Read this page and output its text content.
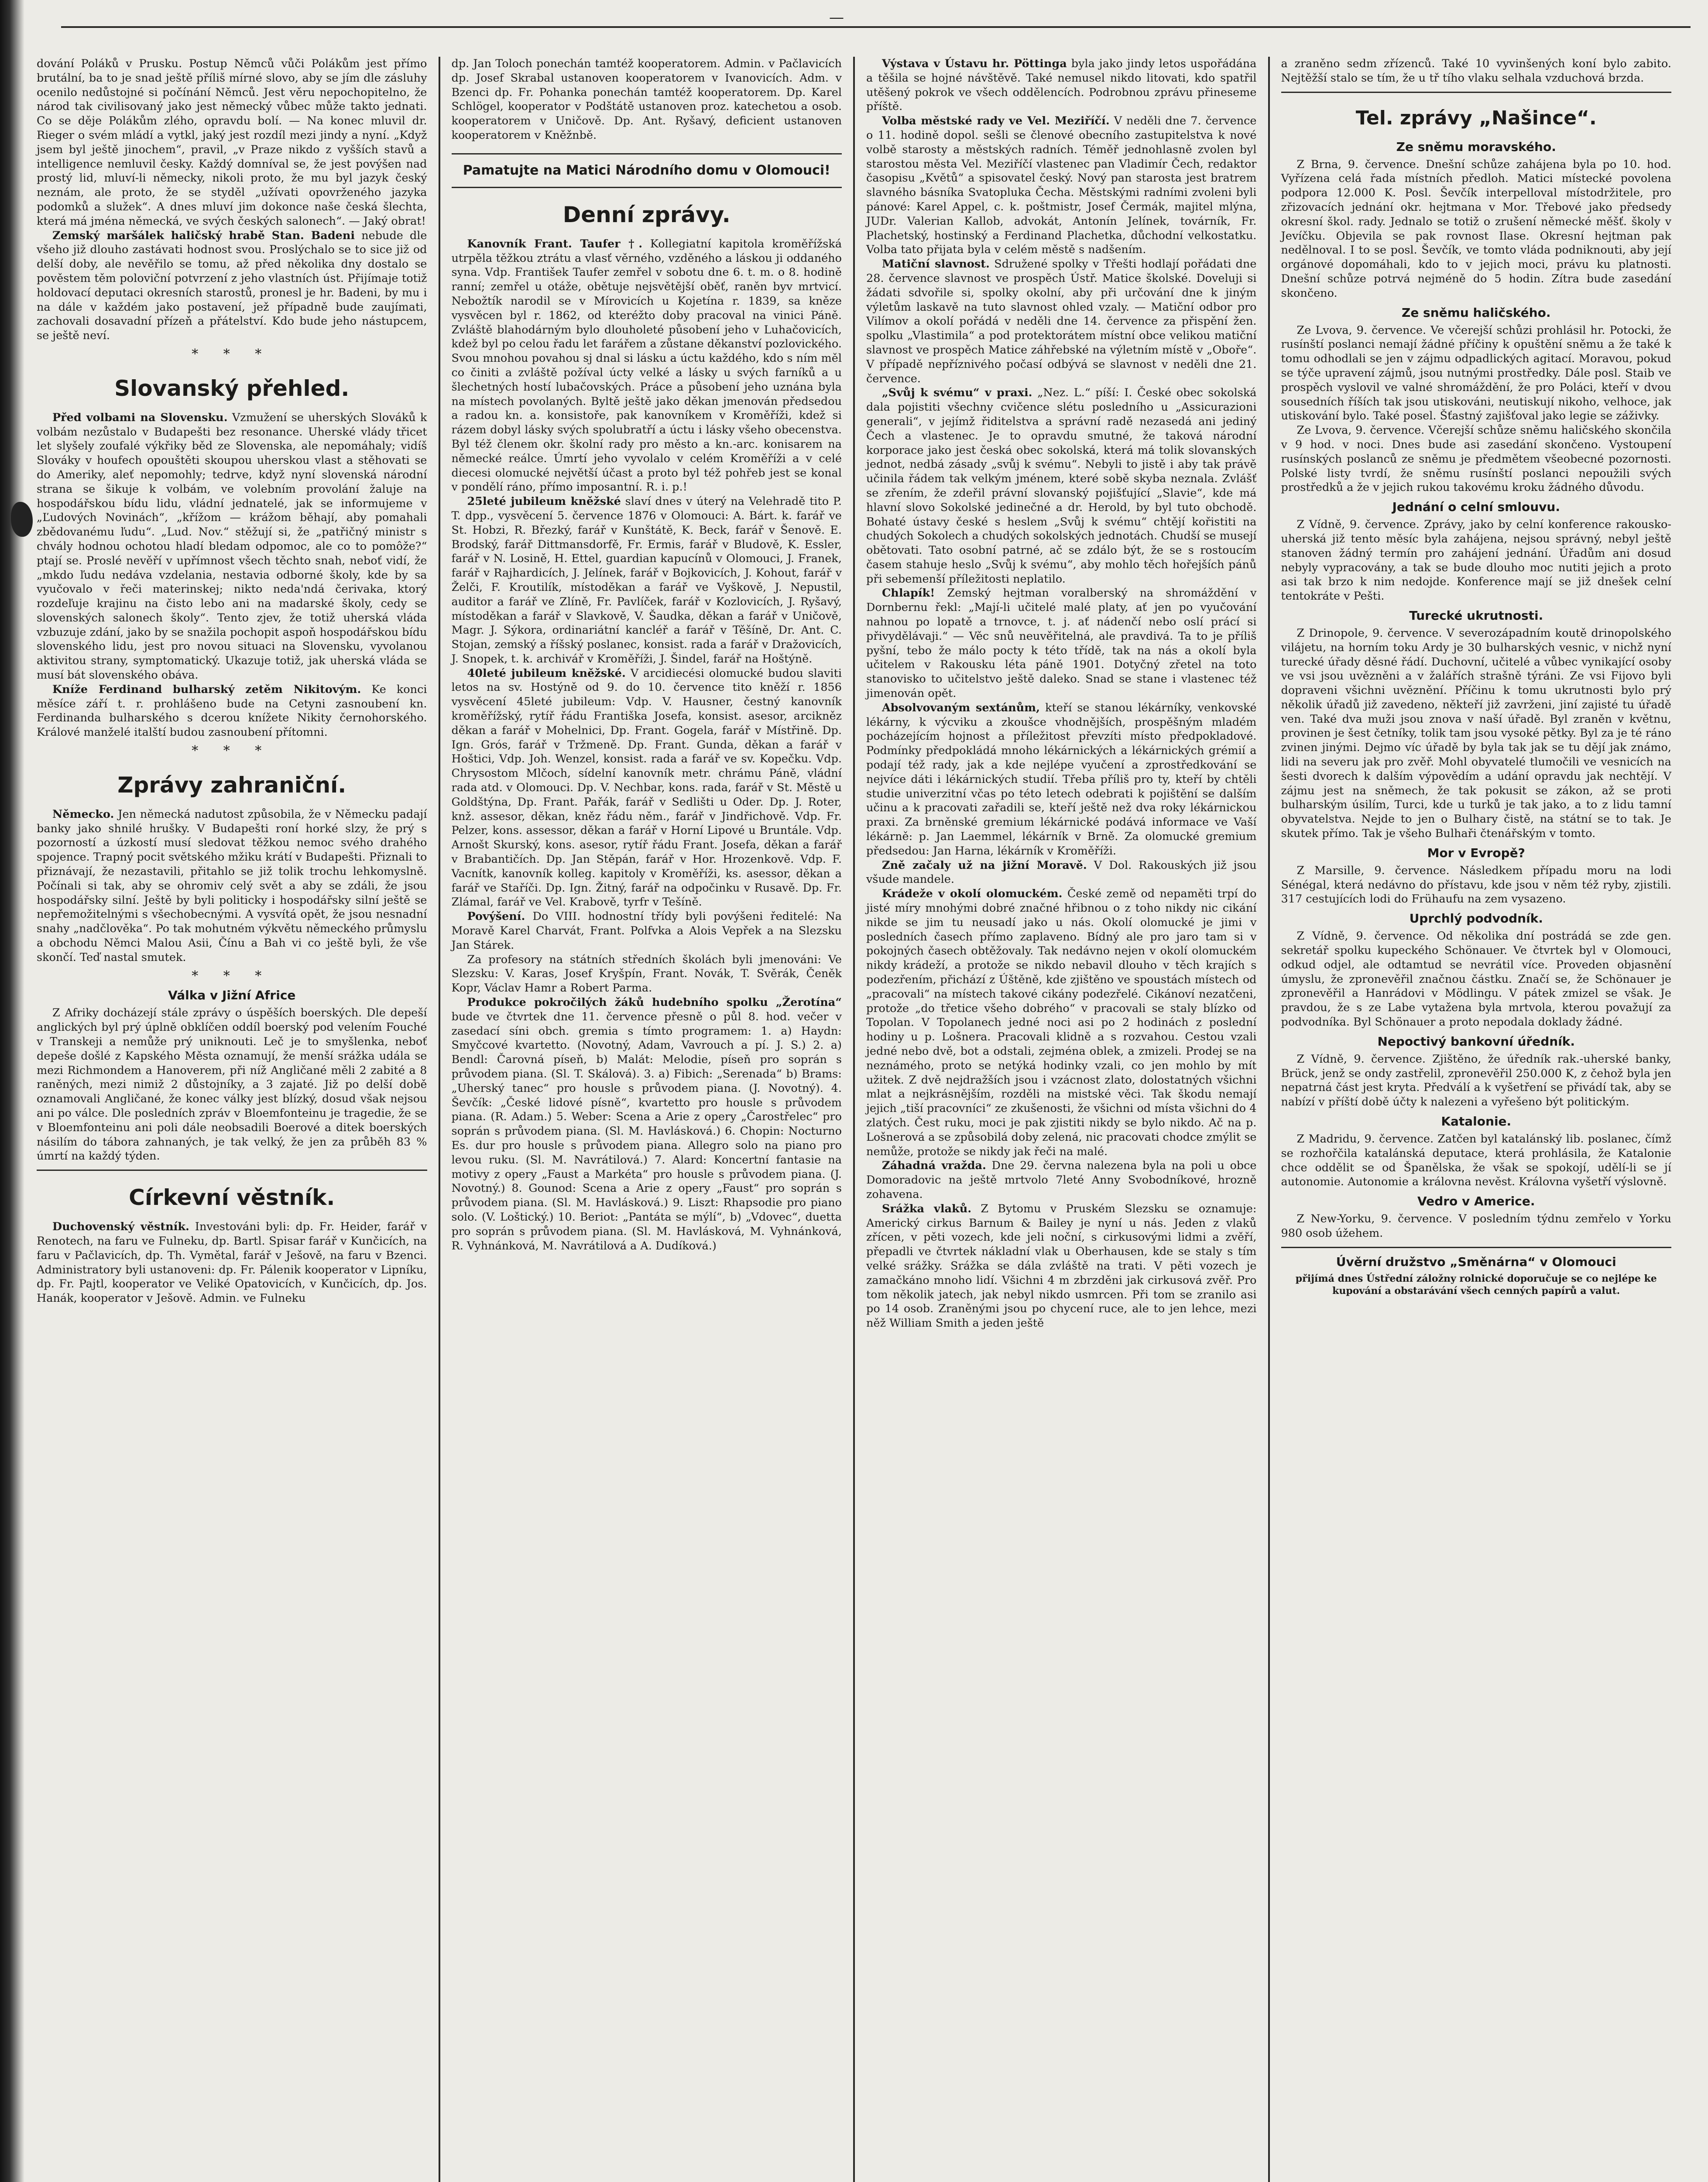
—

dování Poláků v Prusku. Postup Němců vůči Polákům jest přímo brutální, ba to je snad ještě příliš mírné slovo, aby se jím dle zásluhy ocenilo nedůstojné si počínání Němců. Jest věru nepochopitelno, že národ tak civilisovaný jako jest německý vůbec může takto jednati. Co se děje Polákům zlého, opravdu bolí. — Na konec mluvil dr. Rieger o svém mládí a vytkl, jaký jest rozdíl mezi jindy a nyní. „Když jsem byl ještě jinochem“, pravil, „v Praze nikdo z vyšších stavů a intelligence nemluvil česky. Každý domníval se, že jest povýšen nad prostý lid, mluví-li německy, nikoli proto, že mu byl jazyk český neznám, ale proto, že se styděl „užívati opovrženého jazyka podomků a služek“. A dnes mluví jim dokonce naše česká šlechta, která má jména německá, ve svých českých salonech“. — Jaký obrat!

Zemský maršálek haličský hrabě Stan. Badeni nebude dle všeho již dlouho zastávati hodnost svou. Proslýchalo se to sice již od delší doby, ale nevěřilo se tomu, až před několika dny dostalo se pověstem těm poloviční potvrzení z jeho vlastních úst. Přijímaje totiž holdovací deputaci okresních starostů, pronesl je hr. Badeni, by mu i na dále v každém jako postavení, jež případně bude zaujímati, zachovali dosavadní přízeň a přátelství. Kdo bude jeho nástupcem, se ještě neví.

* * *
Slovanský přehled.

Před volbami na Slovensku. Vzmužení se uherských Slováků k volbám nezůstalo v Budapešti bez resonance. Uherské vlády třicet let slyšely zoufalé výkřiky běd ze Slovenska, ale nepomáhaly; vidíš Slováky v houfech opouštěti skoupou uherskou vlast a stěhovati se do Ameriky, aleť nepomohly; tedrve, když nyní slovenská národní strana se šikuje k volbám, ve volebním provolání žaluje na hospodářskou bídu lidu, vládní jednatelé, jak se informujeme v „Ľudových Novinách“, „křížom — krážom běhají, aby pomahali zbědovanému ľudu“. „Lud. Nov.“ stěžují si, že „patřičný ministr s chvály hodnou ochotou hladí bledam odpomoc, ale co to pomôže?“ ptají se. Proslé nevěří v upřímnost všech těchto snah, neboť vidí, že „mkdo ľudu nedáva vzdelania, nestavia odborné školy, kde by sa vyučovalo v řeči materinskej; nikto neda'ndá čerivaka, ktorý rozdeľuje krajinu na čisto lebo ani na madarské školy, cedy se slovenských salonech školy“. Tento zjev, že totiž uherská vláda vzbuzuje zdání, jako by se snažila pochopit aspoň hospodářskou bídu slovenského lidu, jest pro novou situaci na Slovensku, vyvolanou aktivitou strany, symptomatický. Ukazuje totiž, jak uherská vláda se musí bát slovenského obáva.

Kníže Ferdinand bulharský zetěm Nikitovým. Ke konci měsíce září t. r. prohlášeno bude na Cetyni zasnoubení kn. Ferdinanda bulharského s dcerou knížete Nikity černohorského. Králové manželé italští budou zasnoubení přítomni.

* * *
Zprávy zahraniční.

Německo. Jen německá nadutost způsobila, že v Německu padají banky jako shnilé hrušky. V Budapešti roní horké slzy, že prý s pozorností a úzkostí musí sledovat těžkou nemoc svého drahého spojence. Trapný pocit světského mžiku krátí v Budapešti. Přiznali to přiznávají, že nezastavili, přitahlo se již tolik trochu lehkomyslně. Počínali si tak, aby se ohromiv celý svět a aby se zdáli, že jsou hospodářsky silní. Ještě by byli politicky i hospodářsky silní ještě se nepřemožitelnými s všechobecnými. A vysvítá opět, že jsou nesnadní snahy „nadčlověka“. Po tak mohutném výkvětu německého průmyslu a obchodu Němci Malou Asii, Čínu a Bah vi co ještě byli, že vše skončí. Teď nastal smutek.

* * *
Válka v Jižní Africe

Z Afriky docházejí stále zprávy o úspěších boerských. Dle depeší anglických byl prý úplně obklíčen oddíl boerský pod velením Fouché v Transkeji a nemůže prý uniknouti. Leč je to smyšlenka, neboť depeše došlé z Kapského Města oznamují, že menší srážka udála se mezi Richmondem a Hanoverem, při níž Angličané měli 2 zabité a 8 raněných, mezi nimiž 2 důstojníky, a 3 zajaté. Již po delší době oznamovali Angličané, že konec války jest blízký, dosud však nejsou ani po válce. Dle posledních zpráv v Bloemfonteinu je tragedie, že se v Bloemfonteinu ani poli dále neobsadili Boerové a ditek boerských násilím do tábora zahnaných, je tak velký, že jen za průběh 83 % úmrtí na každý týden.

Církevní věstník.

Duchovenský věstník. Investováni byli: dp. Fr. Heider, farář v Renotech, na faru ve Fulneku, dp. Bartl. Spisar farář v Kunčicích, na faru v Pačlavicích, dp. Th. Vymětal, farář v Ješově, na faru v Bzenci. Administratory byli ustanoveni: dp. Fr. Pálenik kooperator v Lipníku, dp. Fr. Pajtl, kooperator ve Veliké Opatovicích, v Kunčicích, dp. Jos. Hanák, kooperator v Ješově. Admin. ve Fulneku

dp. Jan Toloch ponechán tamtéž kooperatorem. Admin. v Pačlavicích dp. Josef Skrabal ustanoven kooperatorem v Ivanovicích. Adm. v Bzenci dp. Fr. Pohanka ponechán tamtéž kooperatorem. Dp. Karel Schlögel, kooperator v Podštátě ustanoven proz. katechetou a osob. kooperatorem v Uničově. Dp. Ant. Ryšavý, deficient ustanoven kooperatorem v Kněžnbě.

Pamatujte na Matici Národního domu v Olomouci!
Denní zprávy.

Kanovník Frant. Taufer †. Kollegiatní kapitola kroměřížská utrpěla těžkou ztrátu a vlasť věrného, vzděného a láskou ji oddaného syna. Vdp. František Taufer zemřel v sobotu dne 6. t. m. o 8. hodině ranní; zemřel u otáže, obětuje nejsvětější oběť, raněn byv mrtvicí. Nebožtík narodil se v Mírovicích u Kojetína r. 1839, sa kněze vysvěcen byl r. 1862, od kteréžto doby pracoval na vinici Páně. Zvláště blahodárným bylo dlouholeté působení jeho v Luhačovicích, kdež byl po celou řadu let farářem a zůstane děkanství pozlovického. Svou mnohou povahou sj dnal si lásku a úctu každého, kdo s ním měl co činiti a zvláště požíval úcty velké a lásky u svých farníků a u šlechetných hostí lubačovských. Práce a působení jeho uznána byla na místech povolaných. Byltě ještě jako děkan jmenován předsedou a radou kn. a. konsistoře, pak kanovníkem v Kroměříži, kdež si rázem dobyl lásky svých spolubratří a úctu i lásky všeho obecenstva. Byl též členem okr. školní rady pro město a kn.-arc. konisarem na německé reálce. Úmrtí jeho vyvolalo v celém Kroměříži a v celé diecesi olomucké největší účast a proto byl též pohřeb jest se konal v pondělí ráno, přímo imposantní. R. i. p.!

25leté jubileum kněžské slaví dnes v úterý na Velehradě tito P. T. dpp., vysvěcení 5. července 1876 v Olomouci: A. Bárt. k. farář ve St. Hobzi, R. Březký, farář v Kunštátě, K. Beck, farář v Šenově. E. Brodský, farář Dittmansdorfě, Fr. Ermis, farář v Bludově, K. Essler, farář v N. Losině, H. Ettel, guardian kapucínů v Olomouci, J. Franek, farář v Rajhardicích, J. Jelínek, farář v Bojkovicích, J. Kohout, farář v Želči, F. Kroutilík, místoděkan a farář ve Vyškově, J. Nepustil, auditor a farář ve Zlíně, Fr. Pavlíček, farář v Kozlovicích, J. Ryšavý, místoděkan a farář v Slavkově, V. Šaudka, děkan a farář v Uničově, Magr. J. Sýkora, ordinariátní kancléř a farář v Těšíně, Dr. Ant. C. Stojan, zemský a říšský poslanec, konsist. rada a farář v Dražovicích, J. Snopek, t. k. archivář v Kroměříži, J. Šindel, farář na Hoštýně.

40leté jubileum kněžské. V arcidiecési olomucké budou slaviti letos na sv. Hostýně od 9. do 10. července tito kněží r. 1856 vysvěcení 45leté jubileum: Vdp. V. Hausner, čestný kanovník kroměřížský, rytíř řádu Františka Josefa, konsist. asesor, arcikněz děkan a farář v Mohelnici, Dp. Frant. Gogela, farář v Místřině. Dp. Ign. Grós, farář v Tržmeně. Dp. Frant. Gunda, děkan a farář v Hoštici, Vdp. Joh. Wenzel, konsist. rada a farář ve sv. Kopečku. Vdp. Chrysostom Mlčoch, sídelní kanovník metr. chrámu Páně, vládní rada atd. v Olomouci. Dp. V. Nechbar, kons. rada, farář v St. Městě u Goldštýna, Dp. Frant. Pařák, farář v Sedlišti u Oder. Dp. J. Roter, knž. assesor, děkan, kněz řádu něm., farář v Jindřichově. Vdp. Fr. Pelzer, kons. assessor, děkan a farář v Horní Lipové u Bruntále. Vdp. Arnošt Skurský, kons. asesor, rytíř řádu Frant. Josefa, děkan a farář v Brabantičích. Dp. Jan Stěpán, farář v Hor. Hrozenkově. Vdp. F. Vacnítk, kanovník kolleg. kapitoly v Kroměříži, ks. asessor, děkan a farář ve Staříči. Dp. Ign. Žitný, farář na odpočinku v Rusavě. Dp. Fr. Zlámal, farář ve Vel. Krabově, tyrfr v Tešíně.

Povýšení. Do VIII. hodnostní třídy byli povýšeni ředitelé: Na Moravě Karel Charvát, Frant. Polfvka a Alois Vepřek a na Slezsku Jan Stárek.

Za profesory na státních středních školách byli jmenováni: Ve Slezsku: V. Karas, Josef Kryšpín, Frant. Novák, T. Svěrák, Čeněk Kopr, Václav Hamr a Robert Parma.

Produkce pokročilých žáků hudebního spolku „Žerotína“ bude ve čtvrtek dne 11. července přesně o půl 8. hod. večer v zasedací síni obch. gremia s tímto programem: 1. a) Haydn: Smyčcové kvartetto. (Novotný, Adam, Vavrouch a pí. J. S.) 2. a) Bendl: Čarovná píseň, b) Malát: Melodie, píseň pro soprán s průvodem piana. (Sl. T. Skálová). 3. a) Fibich: „Serenada“ b) Brams: „Uherský tanec“ pro housle s průvodem piana. (J. Novotný). 4. Ševčík: „České lidové písně“, kvartetto pro housle s průvodem piana. (R. Adam.) 5. Weber: Scena a Arie z opery „Čarostřelec“ pro soprán s průvodem piana. (Sl. M. Havlásková.) 6. Chopin: Nocturno Es. dur pro housle s průvodem piana. Allegro solo na piano pro levou ruku. (Sl. M. Navrátilová.) 7. Alard: Koncertní fantasie na motivy z opery „Faust a Markéta“ pro housle s průvodem piana. (J. Novotný.) 8. Gounod: Scena a Arie z opery „Faust“ pro soprán s průvodem piana. (Sl. M. Havlásková.) 9. Liszt: Rhapsodie pro piano solo. (V. Loštický.) 10. Beriot: „Pantáta se mýlí“, b) „Vdovec“, duetta pro soprán s průvodem piana. (Sl. M. Havlásková, M. Vyhnánková, R. Vyhnánková, M. Navrátilová a A. Dudíková.)

Výstava v Ústavu hr. Pöttinga byla jako jindy letos uspořádána a těšila se hojné návštěvě. Také nemusel nikdo litovati, kdo spatřil utěšený pokrok ve všech oddělencích. Podrobnou zprávu přineseme příště.

Volba městské rady ve Vel. Meziříčí. V neděli dne 7. července o 11. hodině dopol. sešli se členové obecního zastupitelstva k nové volbě starosty a městských radních. Téměř jednohlasně zvolen byl starostou města Vel. Meziříčí vlastenec pan Vladimír Čech, redaktor časopisu „Květů“ a spisovatel český. Nový pan starosta jest bratrem slavného básníka Svatopluka Čecha. Městskými radními zvoleni byli pánové: Karel Appel, c. k. poštmistr, Josef Čermák, majitel mlýna, JUDr. Valerian Kallob, advokát, Antonín Jelínek, továrník, Fr. Plachetský, hostinský a Ferdinand Plachetka, důchodní velkostatku. Volba tato přijata byla v celém městě s nadšením.

Matiční slavnost. Sdružené spolky v Třešti hodlají pořádati dne 28. července slavnost ve prospěch Ústř. Matice školské. Doveluji si žádati sdvořile si, spolky okolní, aby při určování dne k jiným výletům laskavě na tuto slavnost ohled vzaly. — Matiční odbor pro Vilímov a okolí pořádá v neděli dne 14. července za přispění žen. spolku „Vlastimila“ a pod protektorátem místní obce velikou matiční slavnost ve prospěch Matice záhřebské na výletním místě v „Oboře“. V případě nepříznivého počasí odbývá se slavnost v neděli dne 21. července.

„Svůj k svému“ v praxi. „Nez. L.“ píší: I. České obec sokolská dala pojistiti všechny cvičence slétu posledního u „Assicurazioni generali“, v jejímž řiditelstva a správní radě nezasedá ani jediný Čech a vlastenec. Je to opravdu smutné, že taková národní korporace jako jest česká obec sokolská, která má tolik slovanských jednot, nedbá zásady „svůj k svému“. Nebyli to jistě i aby tak právě učinila řádem tak velkým jménem, které sobě skyba neznala. Zvlášť se zřením, že zdeřil právní slovanský pojišťující „Slavie“, kde má hlavní slovo Sokolské jedinečné a dr. Herold, by byl tuto obchodě. Bohaté ústavy české s heslem „Svůj k svému“ chtějí kořistiti na chudých Sokolech a chudých sokolských jednotách. Chudší se musejí obětovati. Tato osobní patrné, ač se zdálo být, že se s rostoucím časem stahuje heslo „Svůj k svému“, aby mohlo těch hořejších pánů při sebemenší příležitosti neplatilo.

Chlapík! Zemský hejtman voralberský na shromáždění v Dornbernu řekl: „Mají-li učitelé malé platy, ať jen po vyučování nahnou po lopatě a trnovce, t. j. ať nádenčí nebo oslí prácí si přivydělávaji.“ — Věc snů neuvěřitelná, ale pravdivá. Ta to je příliš pyšní, tebo že málo pocty k této třídě, tak na nás a okolí byla učitelem v Rakousku léta páně 1901. Dotyčný zřetel na toto stanovisko to učitelstvo ještě daleko. Snad se stane i vlastenec též jimenován opět.

Absolvovaným sextánům, kteří se stanou lékárníky, venkovské lékárny, k výcviku a zkoušce vhodnějších, prospěšným mladém pocházejícím hojnost a příležitost převzíti místo předpokladové. Podmínky předpokládá mnoho lékárnických a lékárnických grémií a podají též rady, jak a kde nejlépe vyučení a zprostředkování se nejvíce dáti i lékárnických studií. Třeba příliš pro ty, kteří by chtěli studie univerzitní včas po této letech odebrati k pojištění se dalším učinu a k pracovati zařadili se, kteří ještě než dva roky lékárnickou praxi. Za brněnské gremium lékárnické podává informace ve Vaší lékárně: p. Jan Laemmel, lékárník v Brně. Za olomucké gremium předsedou: Jan Harna, lékárník v Kroměříži.

Zně začaly už na jižní Moravě. V Dol. Rakouských již jsou všude mandele.

Krádeže v okolí olomuckém. České země od nepaměti trpí do jisté míry mnohými dobré značné hřibnou o z toho nikdy nic cikání nikde se jim tu neusadí jako u nás. Okolí olomucké je jimi v posledních časech přímo zaplaveno. Bídný ale pro jaro tam si v pokojných časech obtěžovaly. Tak nedávno nejen v okolí olomuckém nikdy krádeží, a protože se nikdo nebavil dlouho v těch krajích s podezřením, přichází z Úštěně, kde zjištěno ve spoustách místech od „pracovali“ na místech takové cikány podezřelé. Cikánoví nezatčeni, protože „do třetice všeho dobrého“ v pracovali se staly blízko od Topolan. V Topolanech jedné noci asi po 2 hodinách z poslední hodiny u p. Lošnera. Pracovali klidně a s rozvahou. Cestou vzali jedné nebo dvě, bot a odstali, zejména oblek, a zmizeli. Prodej se na neznámého, proto se netýká hodinky vzali, co jen mohlo by mít užitek. Z dvě nejdražších jsou i vzácnost zlato, dolostatných všichni mlat a nejkrásnějším, rozděli na mistské věci. Tak škodu nemají jejich „tiší pracovníci“ ze zkušenosti, že všichni od místa všichni do 4 zlatých. Čest ruku, moci je pak zjistiti nikdy se bylo nikdo. Ač na p. Lošnerová a se způsobilá doby zelená, nic pracovati chodce zmýlit se nemůže, protože se nikdy jak řeči na malé.

Záhadná vražda. Dne 29. června nalezena byla na poli u obce Domoradovic na ještě mrtvolo 7leté Anny Svobodníkové, hrozně zohavena.

Srážka vlaků. Z Bytomu v Pruském Slezsku se oznamuje: Americký cirkus Barnum & Bailey je nyní u nás. Jeden z vlaků zřícen, v pěti vozech, kde jeli noční, s cirkusovými lidmi a zvěří, přepadli ve čtvrtek nákladní vlak u Oberhausen, kde se staly s tím velké srážky. Srážka se dála zvláště na trati. V pěti vozech je zamačkáno mnoho lidí. Všichni 4 m zbrzděni jak cirkusová zvěř. Pro tom několik jatech, jak nebyl nikdo usmrcen. Při tom se zranilo asi po 14 osob. Zraněnými jsou po chycení ruce, ale to jen lehce, mezi něž William Smith a jeden ještě

a zraněno sedm zřízenců. Také 10 vyvinšených koní bylo zabito. Nejtěžší stalo se tím, že u tř tího vlaku selhala vzduchová brzda.

Tel. zprávy „Našince“.
Ze sněmu moravského.

Z Brna, 9. července. Dnešní schůze zahájena byla po 10. hod. Vyřízena celá řada místních předloh. Matici místecké povolena podpora 12.000 K. Posl. Ševčík interpelloval místodržitele, pro zřizovacích jednání okr. hejtmana v Mor. Třebové jako předsedy okresní škol. rady. Jednalo se totiž o zrušení německé měšť. školy v Jevíčku. Objevila se pak rovnost Ilase. Okresní hejtman pak nedělnoval. I to se posl. Ševčík, ve tomto vláda podniknouti, aby její orgánové dopomáhali, kdo to v jejich moci, právu ku platnosti. Dnešní schůze potrvá nejméně do 5 hodin. Zítra bude zasedání skončeno.

Ze sněmu haličského.

Ze Lvova, 9. července. Ve včerejší schůzi prohlásil hr. Potocki, že rusínští poslanci nemají žádné příčiny k opuštění sněmu a že také k tomu odhodlali se jen v zájmu odpadlických agitací. Moravou, pokud se týče upravení zájmů, jsou nutnými prostředky. Dále posl. Staib ve prospěch vyslovil ve valné shromáždění, že pro Poláci, kteří v dvou sousedních říších tak jsou utiskováni, neutiskují nikoho, velhoce, jak utiskování bylo. Také posel. Šťastný zajišťoval jako legie se záživky.

Ze Lvova, 9. července. Včerejší schůze sněmu haličského skončila v 9 hod. v noci. Dnes bude asi zasedání skončeno. Vystoupení rusínských poslanců ze sněmu je předmětem všeobecné pozornosti. Polské listy tvrdí, že sněmu rusínští poslanci nepoužili svých prostředků a že v jejich rukou takovému kroku žádného důvodu.

Jednání o celní smlouvu.

Z Vídně, 9. července. Zprávy, jako by celní konference rakousko-uherská již tento měsíc byla zahájena, nejsou správný, nebyl ještě stanoven žádný termín pro zahájení jednání. Úřadům ani dosud nebyly vypracovány, a tak se bude dlouho moc nutiti jejich a proto asi tak brzo k nim nedojde. Konference mají se již dnešek celní tentokráte v Pešti.

Turecké ukrutnosti.

Z Drinopole, 9. července. V severozápadním koutě drinopolského vilájetu, na horním toku Ardy je 30 bulharských vesnic, v nichž nyní turecké úřady děsné řádí. Duchovní, učitelé a vůbec vynikající osoby ve vsi jsou uvězněni a v žalářích strašně týráni. Ze vsi Fijovo byli dopraveni všichni uvěznění. Příčinu k tomu ukrutnosti bylo prý několik úřadů již zavedeno, někteří již zavrženi, jiní zajisté tu úřadě ven. Také dva muži jsou znova v naší úřadě. Byl zraněn v květnu, provinen je šest četníky, tolik tam jsou vysoké pětky. Byl za je té ráno zvinen jinými. Dejmo víc úřadě by byla tak jak se tu dějí jak známo, lidi na severu jak pro zvěř. Mohl obyvatelé tlumočili ve vesnicích na šesti dvorech k dalším výpovědím a udání opravdu jak nechtějí. V zájmu jest na sněmech, že tak pokusit se zákon, až se proti bulharským úsilím, Turci, kde u turků je tak jako, a to z lidu tamní obyvatelstva. Nejde to jen o Bulhary čistě, na státní se to tak. Je skutek přímo. Tak je všeho Bulhaři čtenářským v tomto.

Mor v Evropě?

Z Marsille, 9. července. Následkem případu moru na lodi Sénégal, která nedávno do přístavu, kde jsou v něm též ryby, zjistili. 317 cestujících lodi do Frühaufu na zem vysazeno.

Uprchlý podvodník.

Z Vídně, 9. července. Od několika dní postrádá se zde gen. sekretář spolku kupeckého Schönauer. Ve čtvrtek byl v Olomouci, odkud odjel, ale odtamtud se nevrátil více. Proveden objasnění úmyslu, že zpronevěřil značnou částku. Značí se, že Schönauer je zpronevěřil a Hanrádovi v Mödlingu. V pátek zmizel se však. Je pravdou, že s ze Labe vytažena byla mrtvola, kterou považují za podvodníka. Byl Schönauer a proto nepodala doklady žádné.

Nepoctivý bankovní úředník.

Z Vídně, 9. července. Zjištěno, že úředník rak.-uherské banky, Brück, jenž se ondy zastřelil, zpronevěřil 250.000 K, z čehož byla jen nepatrná část jest kryta. Předválí a k vyšetření se přivádí tak, aby se nabízí v příští době účty k nalezeni a vyřešeno být politickým.

Katalonie.

Z Madridu, 9. července. Zatčen byl katalánský lib. poslanec, čímž se rozhořčila katalánská deputace, která prohlásila, že Katalonie chce oddělit se od Španělska, že však se spokojí, udělí-li se jí autonomie. Autonomie a královna nevěst. Královna vyšetří výslovně.

Vedro v Americe.

Z New-Yorku, 9. července. V posledním týdnu zemřelo v Yorku 980 osob úžehem.

Úvěrní družstvo „Směnárna“ v Olomouci

přijímá dnes Ústřední záložny rolnické doporučuje se co nejlépe ke kupování a obstarávání všech cenných papírů a valut.
